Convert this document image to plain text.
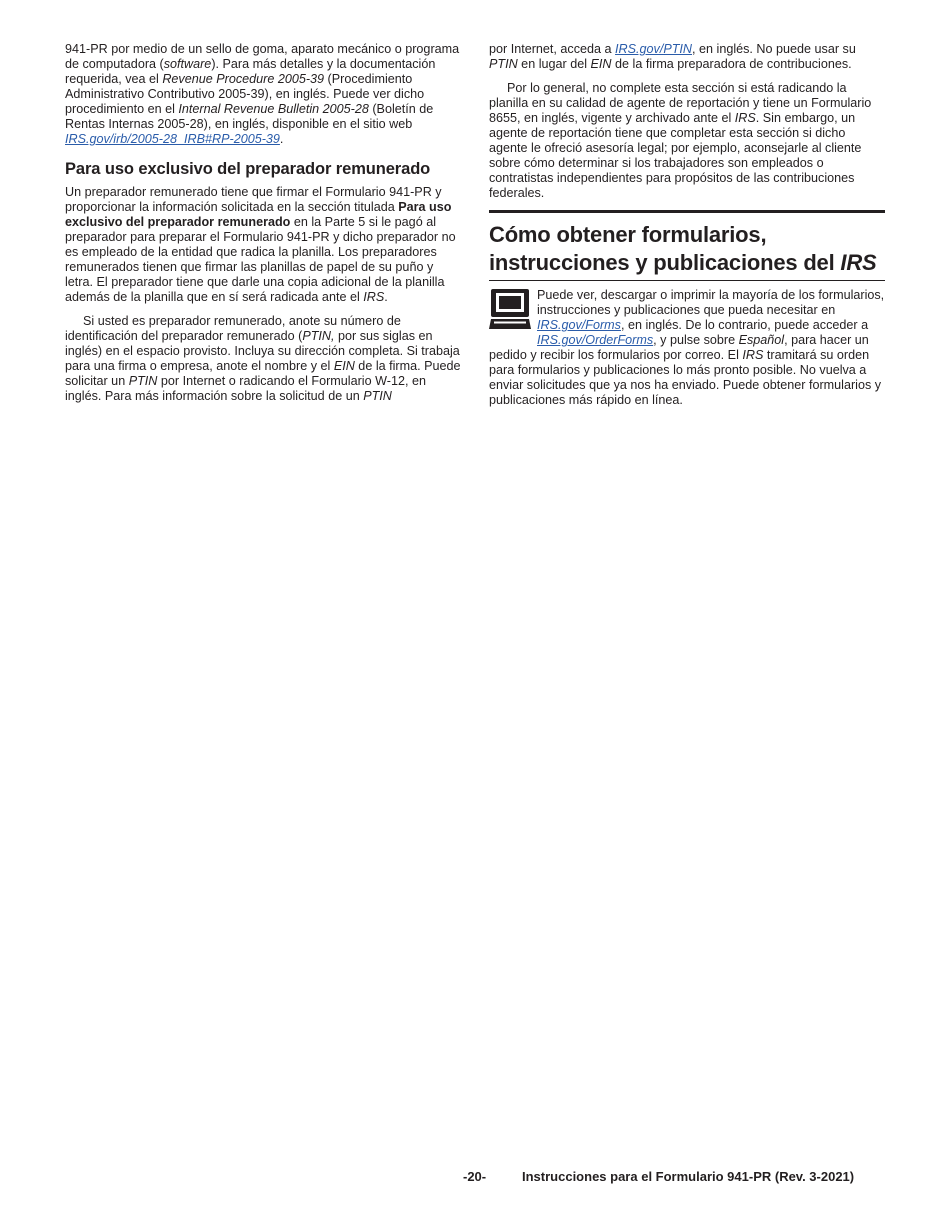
941-PR por medio de un sello de goma, aparato mecánico o programa de computadora (software). Para más detalles y la documentación requerida, vea el Revenue Procedure 2005-39 (Procedimiento Administrativo Contributivo 2005-39), en inglés. Puede ver dicho procedimiento en el Internal Revenue Bulletin 2005-28 (Boletín de Rentas Internas 2005-28), en inglés, disponible en el sitio web IRS.gov/irb/2005-28_IRB#RP-2005-39.

Para uso exclusivo del preparador remunerado

Un preparador remunerado tiene que firmar el Formulario 941-PR y proporcionar la información solicitada en la sección titulada Para uso exclusivo del preparador remunerado en la Parte 5 si le pagó al preparador para preparar el Formulario 941-PR y dicho preparador no es empleado de la entidad que radica la planilla. Los preparadores remunerados tienen que firmar las planillas de papel de su puño y letra. El preparador tiene que darle una copia adicional de la planilla además de la planilla que en sí será radicada ante el IRS.

Si usted es preparador remunerado, anote su número de identificación del preparador remunerado (PTIN, por sus siglas en inglés) en el espacio provisto. Incluya su dirección completa. Si trabaja para una firma o empresa, anote el nombre y el EIN de la firma. Puede solicitar un PTIN por Internet o radicando el Formulario W-12, en inglés. Para más información sobre la solicitud de un PTIN

por Internet, acceda a IRS.gov/PTIN, en inglés. No puede usar su PTIN en lugar del EIN de la firma preparadora de contribuciones.

Por lo general, no complete esta sección si está radicando la planilla en su calidad de agente de reportación y tiene un Formulario 8655, en inglés, vigente y archivado ante el IRS. Sin embargo, un agente de reportación tiene que completar esta sección si dicho agente le ofreció asesoría legal; por ejemplo, aconsejarle al cliente sobre cómo determinar si los trabajadores son empleados o contratistas independientes para propósitos de las contribuciones federales.

Cómo obtener formularios,
instrucciones y publicaciones del IRS

Puede ver, descargar o imprimir la mayoría de los formularios, instrucciones y publicaciones que pueda necesitar en IRS.gov/Forms, en inglés. De lo contrario, puede acceder a IRS.gov/OrderForms, y pulse sobre Español, para hacer un pedido y recibir los formularios por correo. El IRS tramitará su orden para formularios y publicaciones lo más pronto posible. No vuelva a enviar solicitudes que ya nos ha enviado. Puede obtener formularios y publicaciones más rápido en línea.

-20-	Instrucciones para el Formulario 941-PR (Rev. 3-2021)
